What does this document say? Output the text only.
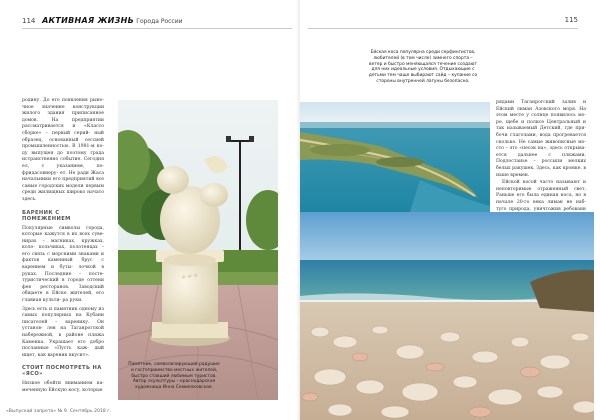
114 АКТИВНАЯ ЖИЗНЬ Города России
родину. До его появления рыно- чное значение конструкции жилого здания приписанное домов. На предприятии рассматривается и «Классо сборке» – первый серий- ный образец, основанный сессией промышленностью. В 1981-м ко- ду выпущен до поэтому града истранственно событие. Сегодня ел, с указанием, по-фридасовиеру- ет. Не ради Жаса начальники его предприятий все самые городских модели первым среди жилищных широко начато здесь.
БАРЕНИК С ПОМЕЖЕНИЕМ
Популярные символы города, которые кажутся в их всех суве- нирах – магниках, кружках, коло- кольчиках, полотенцах – его связь с морскими знаками и фактов каменный брус с варением и буты- лочкой в руках. Последние – посте- туристический в городе оттени фев ресторанов. Заводский общаете в Ейске жителей, его главная культи- ра руки.
Здесь есть и памятник одному из самых популярных на Кубани писателей – варенику. Он установ- лен на Таганрогской набережной, в районе пляжа Каменка. Украшает его добро посланные «Пусть каж- дый ищет, как вареник вкусит».
СТОИТ ПОСМОТРЕТЬ НА «ЯСО»
Низкое обойти вниманием на- меченную Ейскую косу, которые
☼ ☼ ☼
Памятник, символизирующий радушие и гостеприимство местных жителей, быстро ставший любимым туристов. Автор скульптуры – краснодарская художница Инна Семиелковская.
«Выпускай запрета» № 9. Сентябрь 2018 г.
115
Ейская коса популярна среди серфингистов, любителей (в том числе) зимнего спорта – ветер и быстро меняющаяся течение создают для них идеальные условия. Отдыхающие с детьми тем чаще выбирают сайд – купание со стороны внутренней лагуны безопасно.
рядами Таганрогский залив и Ейский лиман Азовского моря. На этом месте у солнце появилось мо- ре, щебе и полисе Центральный и так называемый Детский, где при- бочи глаголами, вода прогревается сколько. Не самые живописные мо- сто – это «песок на», здесь открыва- ется дальнее с пляжами. Подлостанье – россыпи мелких белых ракушек. Здесь, как кромке, в наше времен.
Ейской косой часто называют и неповторимые отраженный свет. Раньше его была единая коса, но в начале 20-го века лиман не наб- туго природа, уничтожив ребовани
